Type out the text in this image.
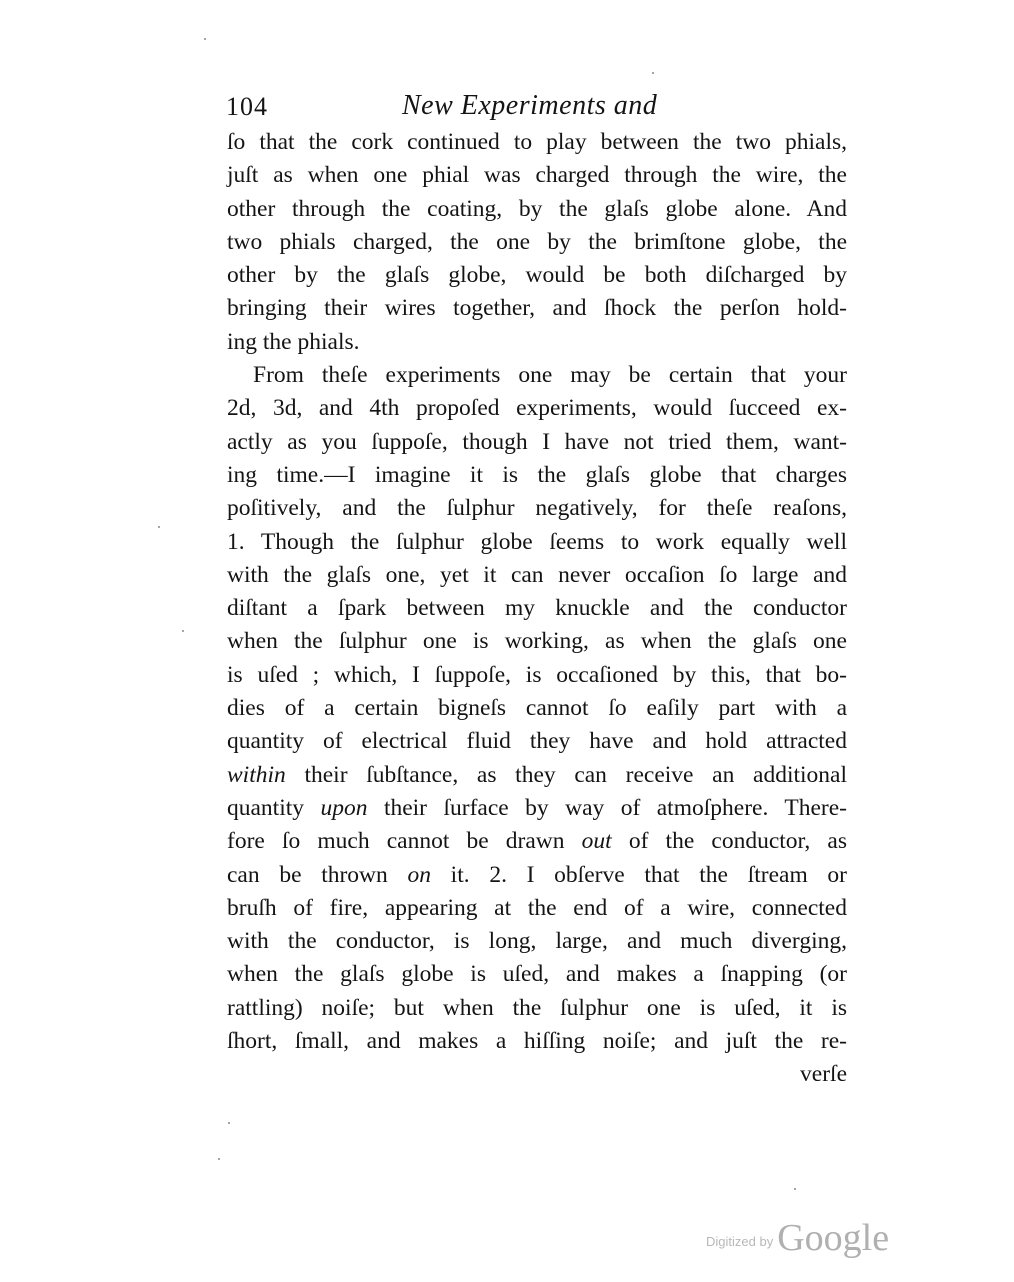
104	New Experiments and
ſo that the cork continued to play between the two phials,
juſt as when one phial was charged through the wire, the
other through the coating, by the glaſs globe alone. And
two phials charged, the one by the brimſtone globe, the
other by the glaſs globe, would be both diſcharged by
bringing their wires together, and ſhock the perſon hold-
ing the phials.
From theſe experiments one may be certain that your
2d, 3d, and 4th propoſed experiments, would ſucceed ex-
actly as you ſuppoſe, though I have not tried them, want-
ing time.—I imagine it is the glaſs globe that charges
poſitively, and the ſulphur negatively, for theſe reaſons,
1. Though the ſulphur globe ſeems to work equally well
with the glaſs one, yet it can never occaſion ſo large and
diſtant a ſpark between my knuckle and the conductor
when the ſulphur one is working, as when the glaſs one
is uſed ; which, I ſuppoſe, is occaſioned by this, that bo-
dies of a certain bigneſs cannot ſo eaſily part with a
quantity of electrical fluid they have and hold attracted
within their ſubſtance, as they can receive an additional
quantity upon their ſurface by way of atmoſphere. There-
fore ſo much cannot be drawn out of the conductor, as
can be thrown on it. 2. I obſerve that the ſtream or
bruſh of fire, appearing at the end of a wire, connected
with the conductor, is long, large, and much diverging,
when the glaſs globe is uſed, and makes a ſnapping (or
rattling) noiſe; but when the ſulphur one is uſed, it is
ſhort, ſmall, and makes a hiſſing noiſe; and juſt the re-
verſe
$^{Digitized by}$ Google
